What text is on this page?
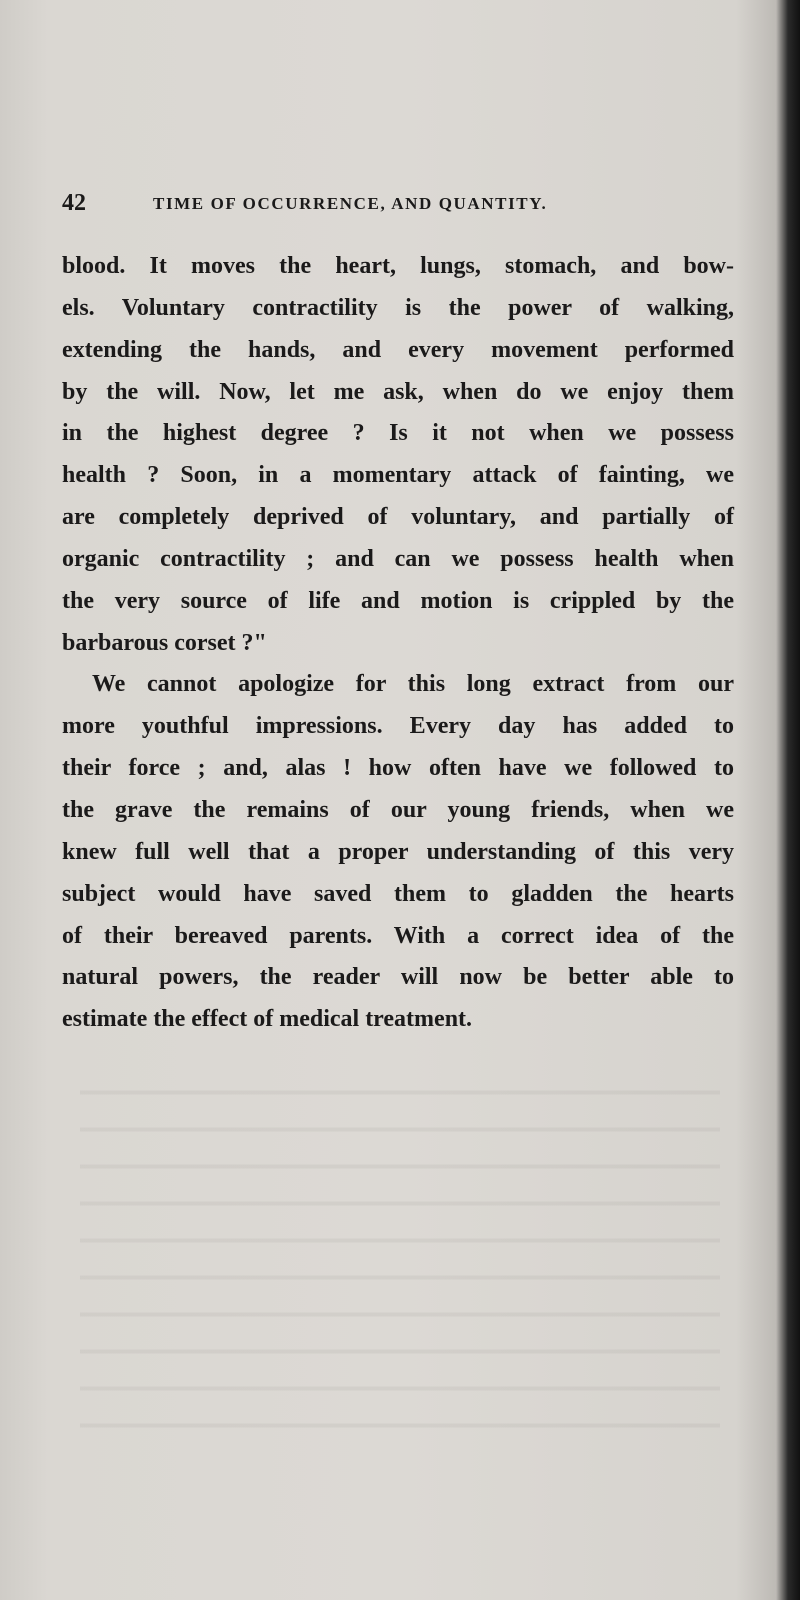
42	TIME OF OCCURRENCE, AND QUANTITY.
blood. It moves the heart, lungs, stomach, and bow-
els. Voluntary contractility is the power of walking,
extending the hands, and every movement performed
by the will. Now, let me ask, when do we enjoy them
in the highest degree ? Is it not when we possess
health ? Soon, in a momentary attack of fainting, we
are completely deprived of voluntary, and partially of
organic contractility ; and can we possess health when
the very source of life and motion is crippled by the
barbarous corset ?"
We cannot apologize for this long extract from our
more youthful impressions. Every day has added to
their force ; and, alas ! how often have we followed to
the grave the remains of our young friends, when we
knew full well that a proper understanding of this very
subject would have saved them to gladden the hearts
of their bereaved parents. With a correct idea of the
natural powers, the reader will now be better able to
estimate the effect of medical treatment.
